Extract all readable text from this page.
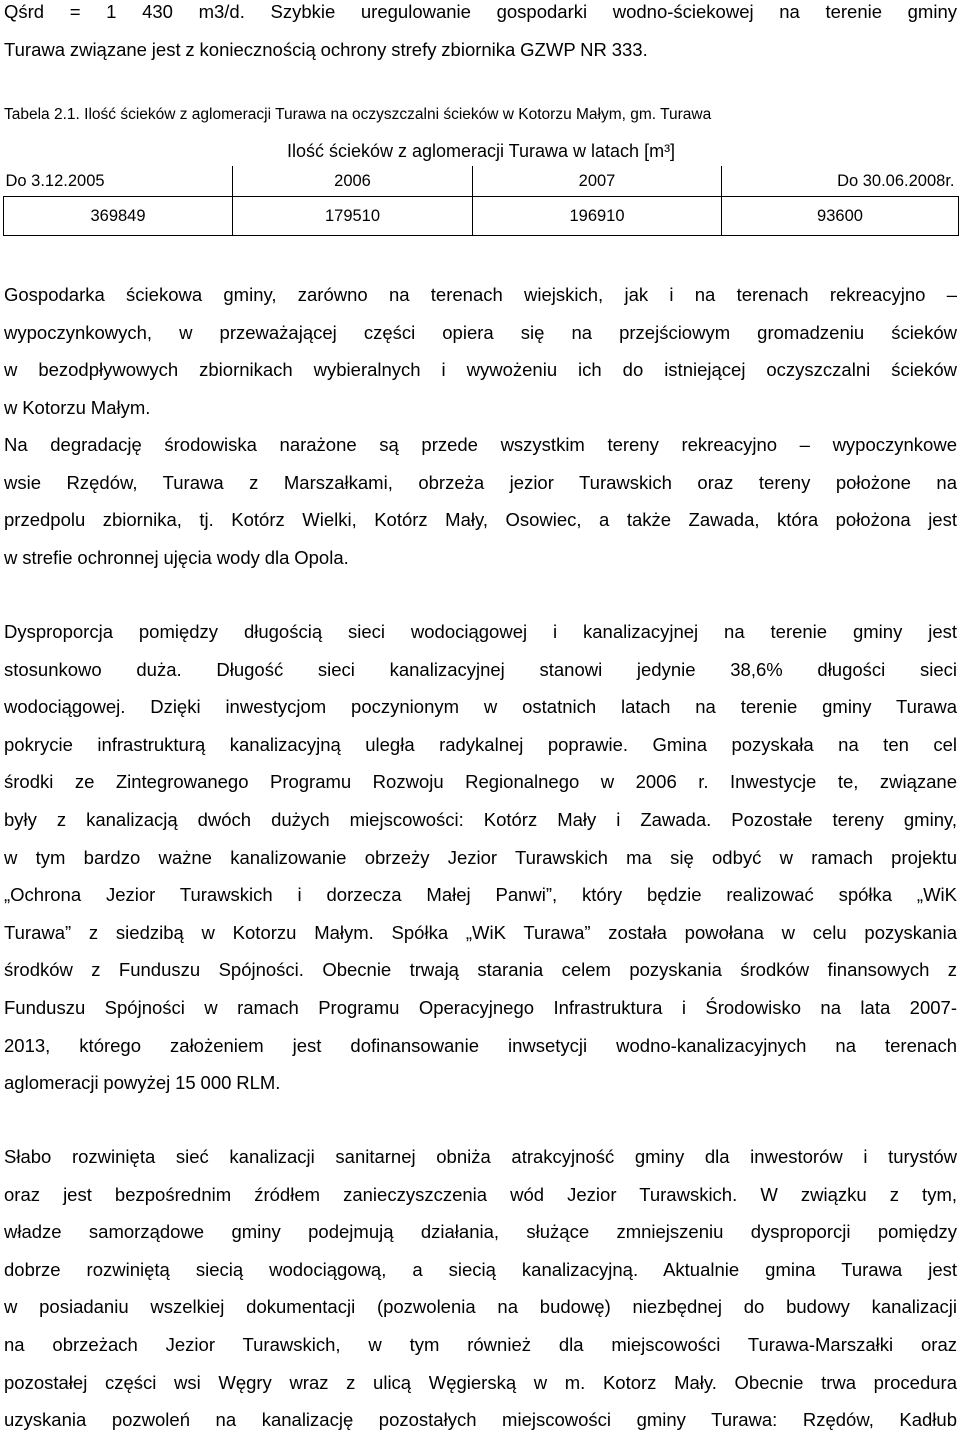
Qśrd = 1 430 m3/d. Szybkie uregulowanie gospodarki wodno-ściekowej na terenie gminy

Turawa związane jest z koniecznością ochrony strefy zbiornika GZWP NR 333.

Tabela 2.1. Ilość ścieków z aglomeracji Turawa na oczyszczalni ścieków w Kotorzu Małym, gm. Turawa

Ilość ścieków z aglomeracji Turawa w latach [m³]			
Do 3.12.2005	2006	2007	Do 30.06.2008r.
369849	179510	196910	93600

Gospodarka ściekowa gminy, zarówno na terenach wiejskich, jak i na terenach rekreacyjno –

wypoczynkowych, w przeważającej części opiera się na przejściowym gromadzeniu ścieków

w bezodpływowych zbiornikach wybieralnych i wywożeniu ich do istniejącej oczyszczalni ścieków

w Kotorzu Małym.

Na degradację środowiska narażone są przede wszystkim tereny rekreacyjno – wypoczynkowe

wsie Rzędów, Turawa z Marszałkami, obrzeża jezior Turawskich oraz tereny położone na

przedpolu zbiornika, tj. Kotórz Wielki, Kotórz Mały, Osowiec, a także Zawada, która położona jest

w strefie ochronnej ujęcia wody dla Opola.

Dysproporcja pomiędzy długością sieci wodociągowej i kanalizacyjnej na terenie gminy jest

stosunkowo duża. Długość sieci kanalizacyjnej stanowi jedynie 38,6% długości sieci

wodociągowej. Dzięki inwestycjom poczynionym w ostatnich latach na terenie gminy Turawa

pokrycie infrastrukturą kanalizacyjną uległa radykalnej poprawie. Gmina pozyskała na ten cel

środki ze Zintegrowanego Programu Rozwoju Regionalnego w 2006 r. Inwestycje te, związane

były z kanalizacją dwóch dużych miejscowości: Kotórz Mały i Zawada. Pozostałe tereny gminy,

w tym bardzo ważne kanalizowanie obrzeży Jezior Turawskich ma się odbyć w ramach projektu

„Ochrona Jezior Turawskich i dorzecza Małej Panwi”, który będzie realizować spółka „WiK

Turawa” z siedzibą w Kotorzu Małym. Spółka „WiK Turawa” została powołana w celu pozyskania

środków z Funduszu Spójności. Obecnie trwają starania celem pozyskania środków finansowych z

Funduszu Spójności w ramach Programu Operacyjnego Infrastruktura i Środowisko na lata 2007-

2013, którego założeniem jest dofinansowanie inwsetycji wodno-kanalizacyjnych na terenach

aglomeracji powyżej 15 000 RLM.

Słabo rozwinięta sieć kanalizacji sanitarnej obniża atrakcyjność gminy dla inwestorów i turystów

oraz jest bezpośrednim źródłem zanieczyszczenia wód Jezior Turawskich. W związku z tym,

władze samorządowe gminy podejmują działania, służące zmniejszeniu dysproporcji pomiędzy

dobrze rozwiniętą siecią wodociągową, a siecią kanalizacyjną. Aktualnie gmina Turawa jest

w posiadaniu wszelkiej dokumentacji (pozwolenia na budowę) niezbędnej do budowy kanalizacji

na obrzeżach Jezior Turawskich, w tym również dla miejscowości Turawa-Marszałki oraz

pozostałej części wsi Węgry wraz z ulicą Węgierską w m. Kotorz Mały. Obecnie trwa procedura

uzyskania pozwoleń na kanalizację pozostałych miejscowości gminy Turawa: Rzędów, Kadłub
